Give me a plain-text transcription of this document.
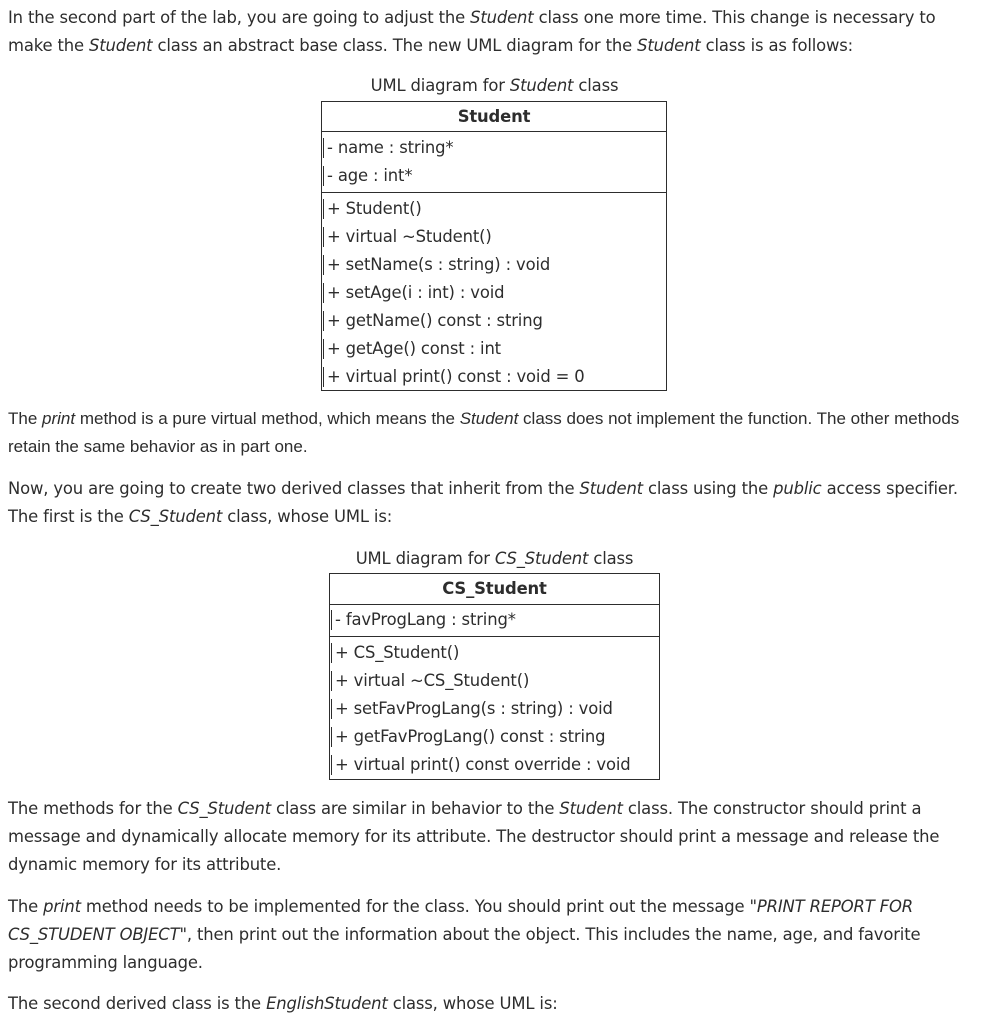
In the second part of the lab, you are going to adjust the Student class one more time. This change is necessary to make the Student class an abstract base class. The new UML diagram for the Student class is as follows:

UML diagram for Student class
Student
- name : string*
- age : int*
+ Student()
+ virtual ~Student()
+ setName(s : string) : void
+ setAge(i : int) : void
+ getName() const : string
+ getAge() const : int
+ virtual print() const : void = 0

The print method is a pure virtual method, which means the Student class does not implement the function. The other methods retain the same behavior as in part one.

Now, you are going to create two derived classes that inherit from the Student class using the public access specifier. The first is the CS_Student class, whose UML is:

UML diagram for CS_Student class
CS_Student
- favProgLang : string*
+ CS_Student()
+ virtual ~CS_Student()
+ setFavProgLang(s : string) : void
+ getFavProgLang() const : string
+ virtual print() const override : void

The methods for the CS_Student class are similar in behavior to the Student class. The constructor should print a message and dynamically allocate memory for its attribute. The destructor should print a message and release the dynamic memory for its attribute.

The print method needs to be implemented for the class. You should print out the message "PRINT REPORT FOR CS_STUDENT OBJECT", then print out the information about the object. This includes the name, age, and favorite programming language.

The second derived class is the EnglishStudent class, whose UML is:
